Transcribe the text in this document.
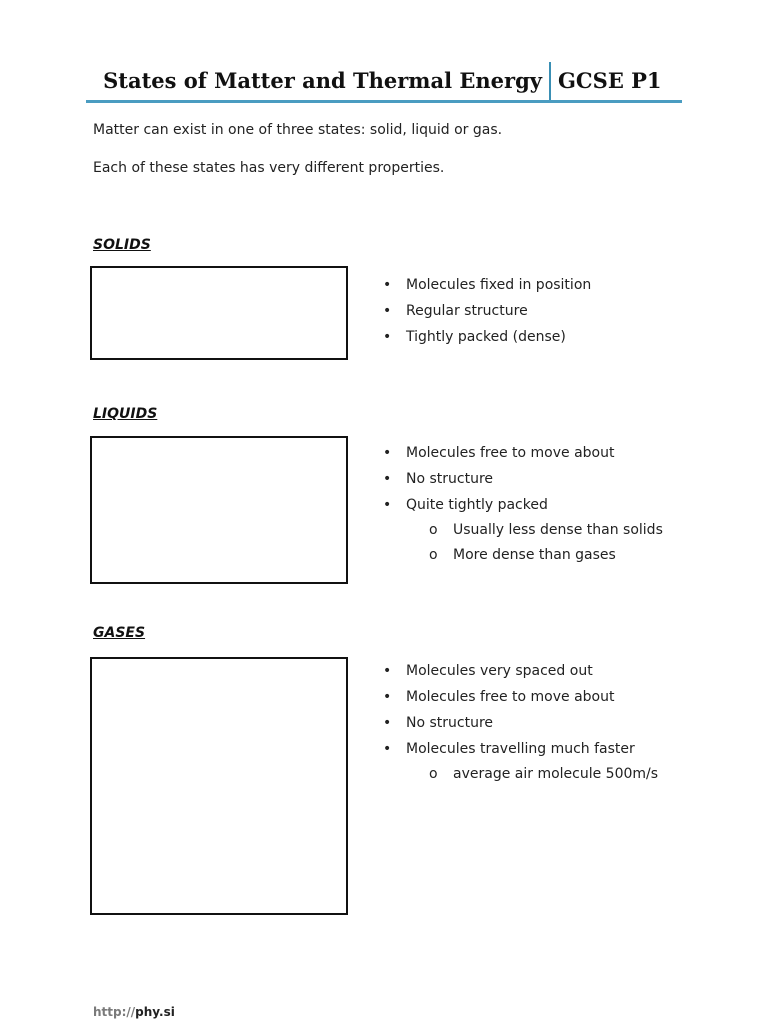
States of Matter and Thermal Energy GCSE P1
Matter can exist in one of three states: solid, liquid or gas.
Each of these states has very different properties.
SOLIDS
• Molecules fixed in position
• Regular structure
• Tightly packed (dense)
LIQUIDS
• Molecules free to move about
• No structure
• Quite tightly packed
o Usually less dense than solids
o More dense than gases
GASES
• Molecules very spaced out
• Molecules free to move about
• No structure
• Molecules travelling much faster
o average air molecule 500m/s
http://phy.si
